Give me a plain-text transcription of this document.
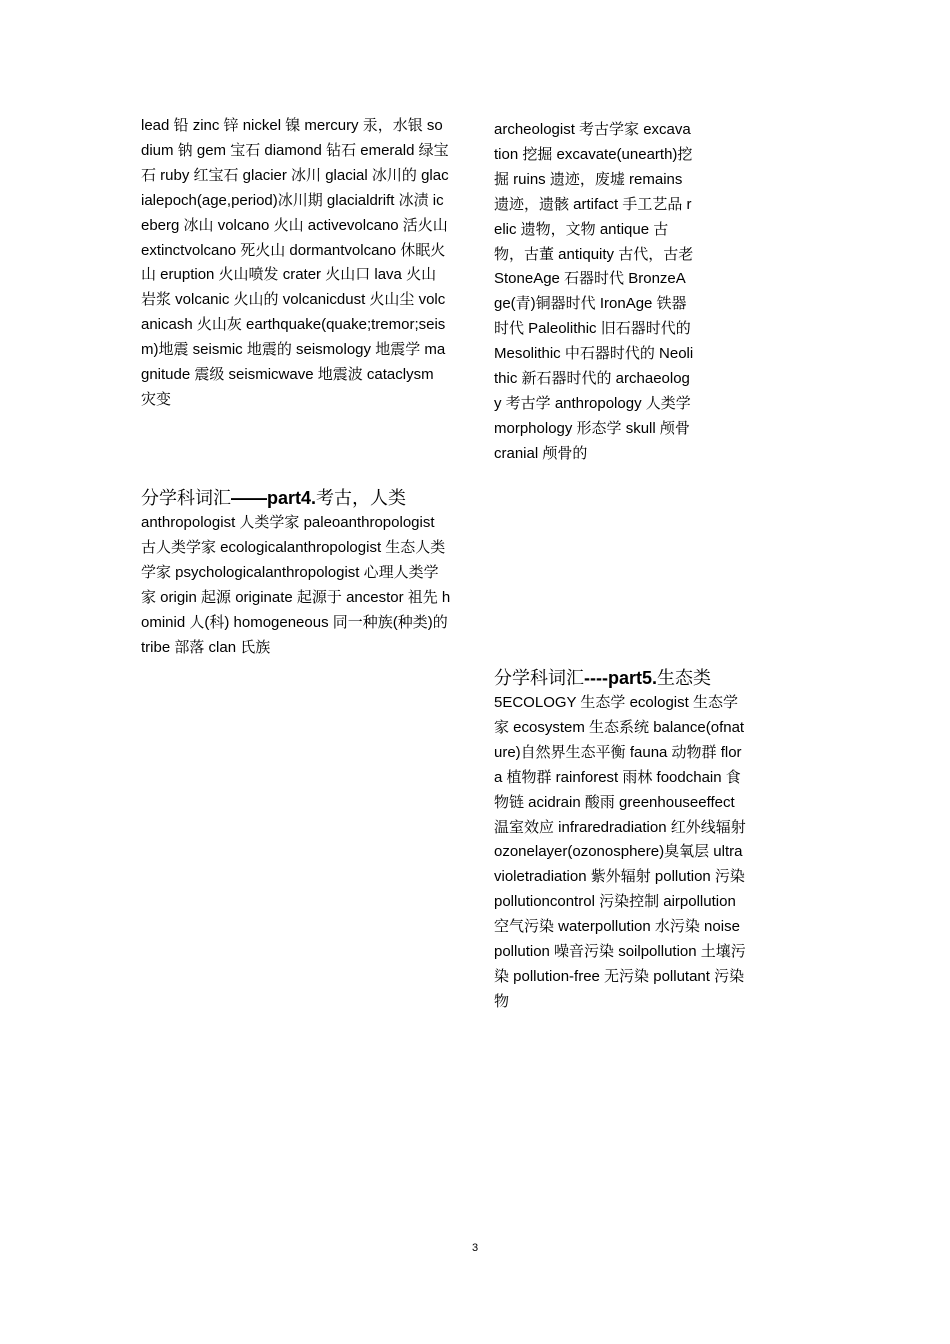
lead 铅 zinc 锌 nickel 镍 mercury 汞，水银 sodium 钠 gem 宝石 diamond 钻石 emerald 绿宝石 ruby 红宝石 glacier 冰川 glacial 冰川的 glacialepoch(age,period)冰川期 glacialdrift 冰渍 iceberg 冰山 volcano 火山 activevolcano 活火山 extinctvolcano 死火山 dormantvolcano 休眠火山 eruption 火山喷发 crater 火山口 lava 火山岩浆 volcanic 火山的 volcanicdust 火山尘 volcanicash 火山灰 earthquake(quake;tremor;seism)地震 seismic 地震的 seismology 地震学 magnitude 震级 seismicwave 地震波 cataclysm 灾变

分学科词汇——part4.考古，人类

anthropologist 人类学家 paleoanthropologist 古人类学家 ecologicalanthropologist 生态人类学家 psychologicalanthropologist 心理人类学家 origin 起源 originate 起源于 ancestor 祖先 hominid 人(科) homogeneous 同一种族(种类)的 tribe 部落 clan 氏族

archeologist 考古学家 excavation 挖掘 excavate(unearth)挖掘 ruins 遗迹，废墟 remains 遗迹，遗骸 artifact 手工艺品 relic 遗物，文物 antique 古物，古董 antiquity 古代，古老 StoneAge 石器时代 BronzeAge(青)铜器时代 IronAge 铁器时代 Paleolithic 旧石器时代的 Mesolithic 中石器时代的 Neolithic 新石器时代的 archaeology 考古学 anthropology 人类学 morphology 形态学 skull 颅骨 cranial 颅骨的

分学科词汇----part5.生态类

5ECOLOGY 生态学 ecologist 生态学家 ecosystem 生态系统 balance(ofnature)自然界生态平衡 fauna 动物群 flora 植物群 rainforest 雨林 foodchain 食物链 acidrain 酸雨 greenhouseeffect 温室效应 infraredradiation 红外线辐射 ozonelayer(ozonosphere)臭氧层 ultravioletradiation 紫外辐射 pollution 污染 pollutioncontrol 污染控制 airpollution 空气污染 waterpollution 水污染 noisepollution 噪音污染 soilpollution 土壤污染 pollution-free 无污染 pollutant 污染物

3
